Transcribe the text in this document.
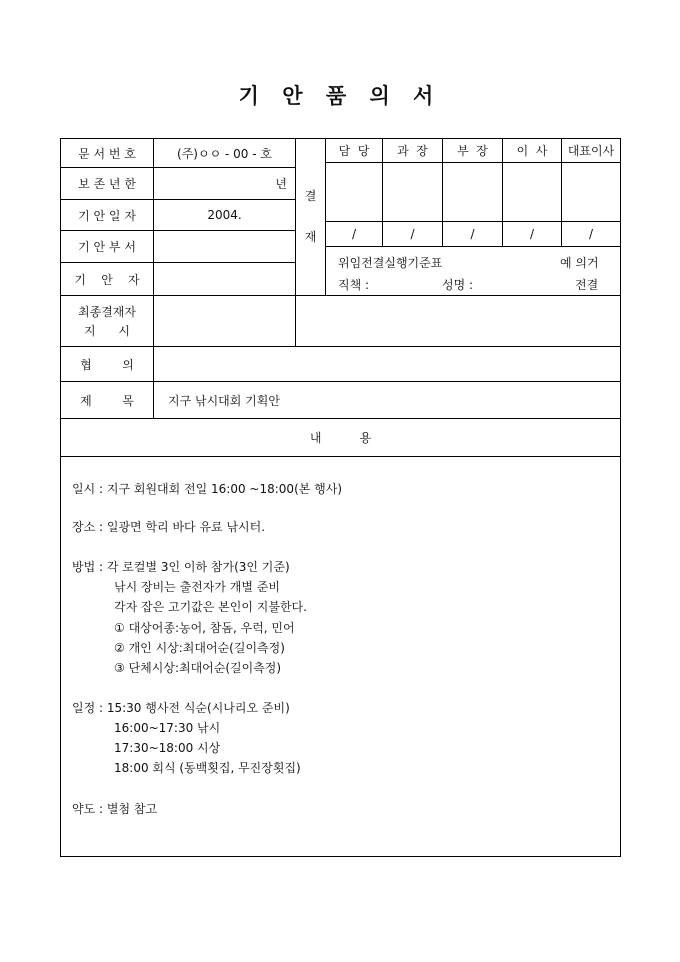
기 안 품 의 서
문 서 번 호	(주)ㅇㅇ - 00 - 호
보 존 년 한	년
기 안 일 자	2004.
기 안 부 서
기    안    자
결
재
담  당	과  장	부  장	이  사	대표이사
/	/	/	/	/
위임전결실행기준표	예 의거
직책 :	성명 :	전결
최종결재자
지      시
협        의
제        목	지구 낚시대회 기획안
내          용
일시 : 지구 회원대회 전일 16:00 ~18:00(본 행사)
장소 : 일광면 학리 바다 유료 낚시터.
방법 : 각 로컬별 3인 이하 참가(3인 기준)
낚시 장비는 출전자가 개별 준비
각자 잡은 고기값은 본인이 지불한다.
① 대상어종:농어, 참돔, 우럭, 민어
② 개인 시상:최대어순(길이측정)
③ 단체시상:최대어순(길이측정)
일정 : 15:30 행사전 식순(시나리오 준비)
16:00~17:30 낚시
17:30~18:00 시상
18:00 회식 (동백횟집, 무진장횟집)
약도 : 별첨 참고
